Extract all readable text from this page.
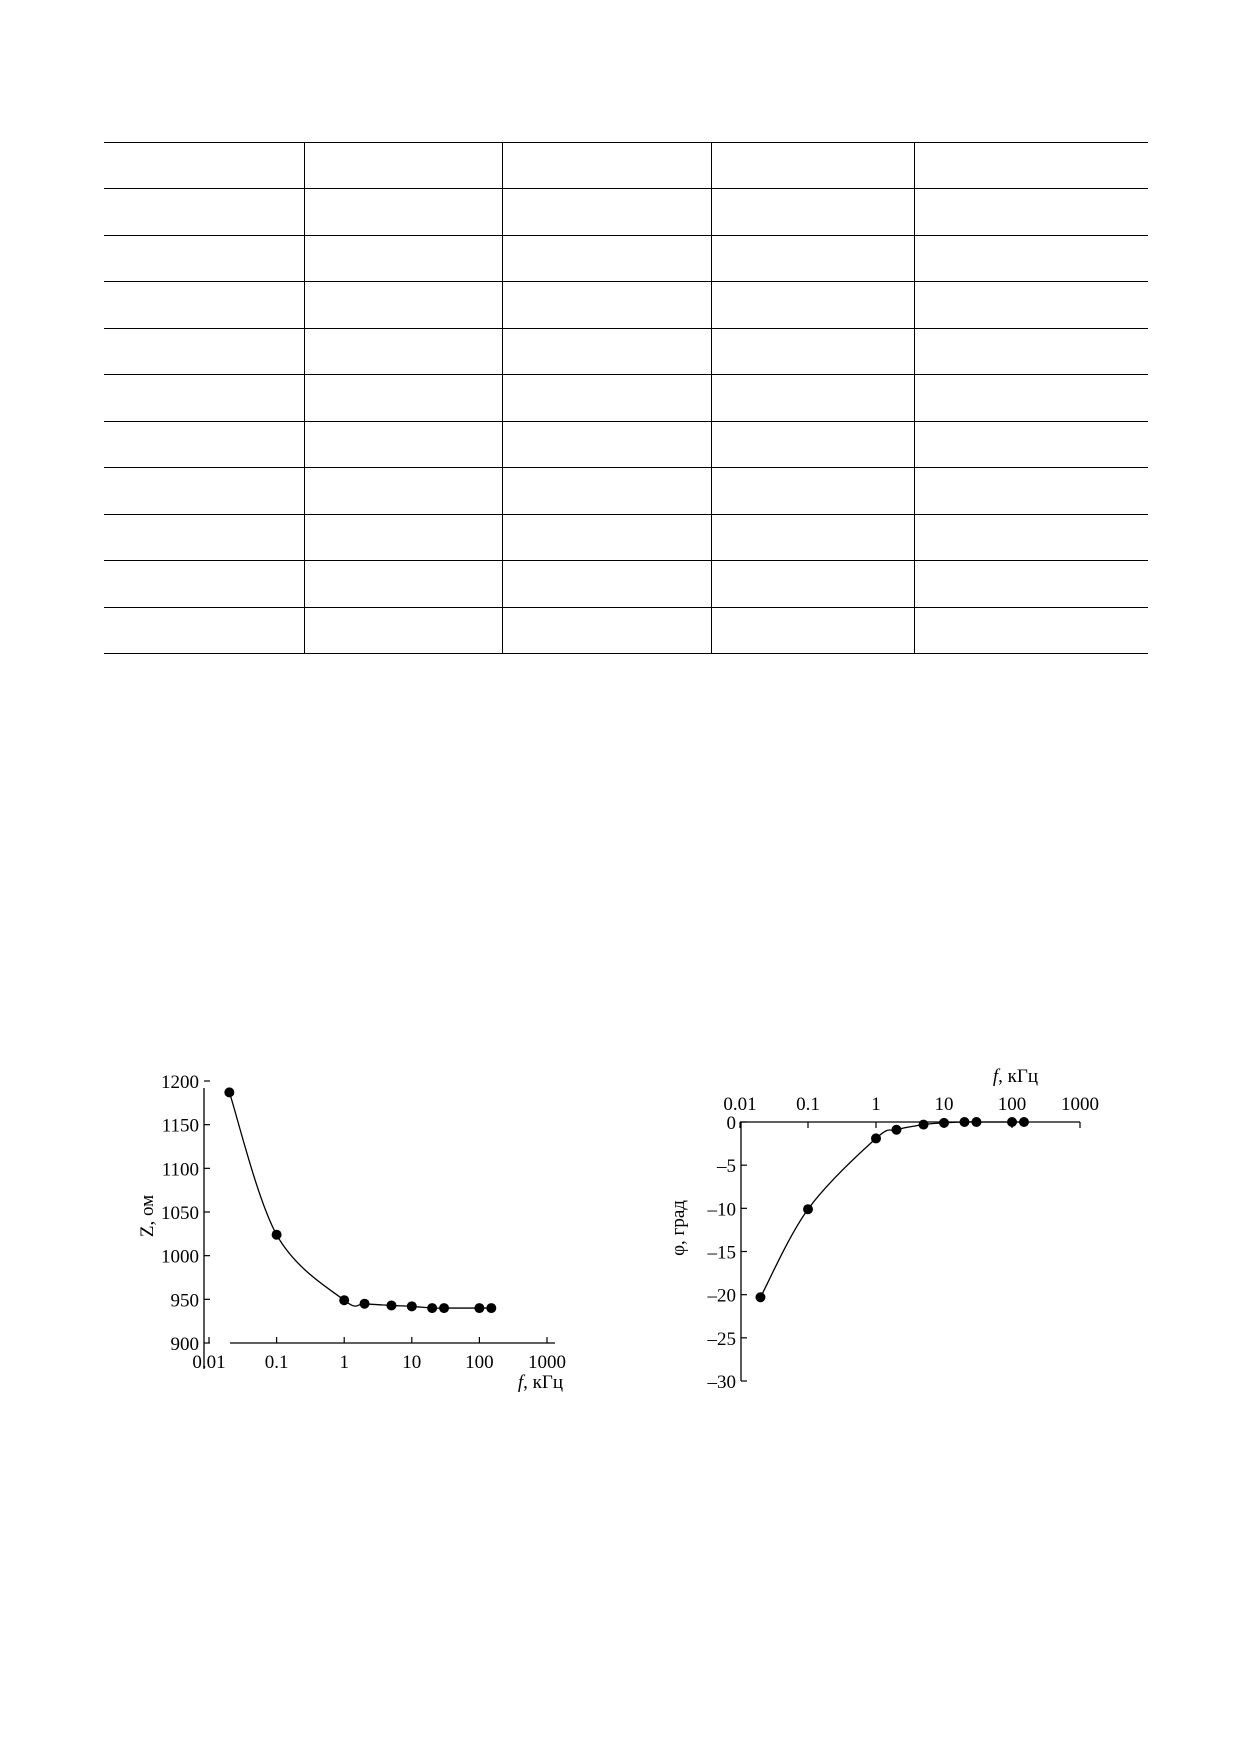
0.01 0.1	1	10 100 1000
900
950
1000
1050
1100
1150
1200
Z, ом
f, кГц
0.01 0.1	1	10 100 1000
0
–5
–10
–15
–20
–25
–30
φ, град
f, кГц
